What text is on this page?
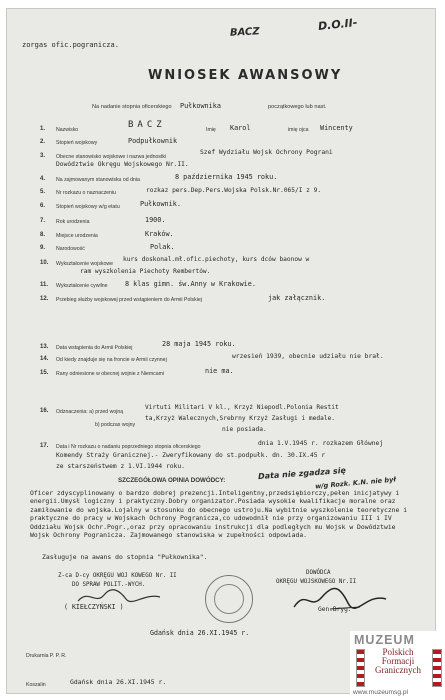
BACZ	D.O.II-
zorgas ofic.pogranicza.
WNIOSEK AWANSOWY
Na nadanie stopnia oficerskiego Pułkownika	początkowego lub nast.
1. Nazwisko	BACZ	Imię Karol	imię ojca Wincenty
2. Stopień wojskowy	Podpułkownik
3. Obecne stanowisko wojskowe i nazwa jednostki
Szef Wydziału Wojsk Ochrony Pograni
Dowództwie Okręgu Wojskowego Nr.II.
4. Na zajmowanym stanowisku od dnia	8 października 1945 roku.
5. Nr rozkazu o naznaczeniu	rozkaz pers.Dep.Pers.Wojska Polsk.Nr.065/I z 9.
6. Stopień wojskowy w/g etatu	Pułkownik.
7. Rok urodzenia	1900.
8. Miejsce urodzenia	Kraków.
9. Narodowość	Polak.
10. Wykształcenie wojskowe
kurs doskonal.mł.ofic.piechoty, kurs dców baonow w
ram wyszkolenia Piechoty Rembertów.
11. Wykształcenie cywilne	8 klas gimn. św.Anny w Krakowie.
12. Przebieg służby wojskowej przed wstąpieniem do Armii Polskiej	jak załącznik.
13. Data wstąpienia do Armii Polskiej	28 maja 1945 roku.
14. Od kiedy znajduje się na froncie w Armii czynnej	wrzesień 1939, obecnie udziału nie brał.
15. Rany odniesione w obecnej wojnie z Niemcami	nie ma.
16. Odznaczenia: a) przed wojną
Virtuti Militari V kl., Krzyż Niepodl.Polonia Restit
b) podczas wojny
ta,Krzyż Walecznych,Srebrny Krzyż Zasługi i medale.
nie posiada.
17. Data i Nr rozkazu o nadaniu poprzedniego stopnia oficerskiego	dnia 1.V.1945 r. rozkazem Głównej
Komendy Straży Granicznej.- Zweryfikowany do st.podpułk. dn. 30.IX.45 r
ze starszeństwem z 1.VI.1944 roku.	Data nie zgadza się
w/g Rozk. K.N. nie był
SZCZEGÓŁOWA OPINIA DOWÓDCY:
Oficer zdyscyplinowany o bardzo dobrej prezencji.Inteligentny,przedsiębiorczy,pełen inicjatywy i energii.Umysł logiczny i praktyczny.Dobry organizator.Posiada wysokie kwalifikacje moralne oraz zamiłowanie do wojska.Lojalny w stosunku do obecnego ustroju.Na wybitnie wyszkolenie teoretyczne i praktyczne do pracy w Wojskach Ochrony Pogranicza,co udowodnił nie przy organizowaniu III i IV Oddziału Wojsk Ochr.Pogr.,oraz przy opracowaniu instrukcji dla podległych mu Wojsk w Dowództwie Wojsk Ochrony Pogranicza. Zajmowanego stanowiska w zupełności odpowiada.
Zasługuje na awans do stopnia "Pułkownika".
Z-ca D-cy OKRĘGU WOJ KOWEGO Nr. II
DO SPRAW POLIT.-WYCH.
( KIEŁCZYŃSKI )
DOWÓDCA
OKRĘGU WOJSKOWEGO Nr.II
Gen.Bryg.
Gdańsk dnia 26.XI.1945 r.
Drukarnia P. P. R.
Koszalin	Gdańsk dnia 26.XI.1945 r.
MUZEUM
Polskich
Formacji
Granicznych
www.muzeumsg.pl
